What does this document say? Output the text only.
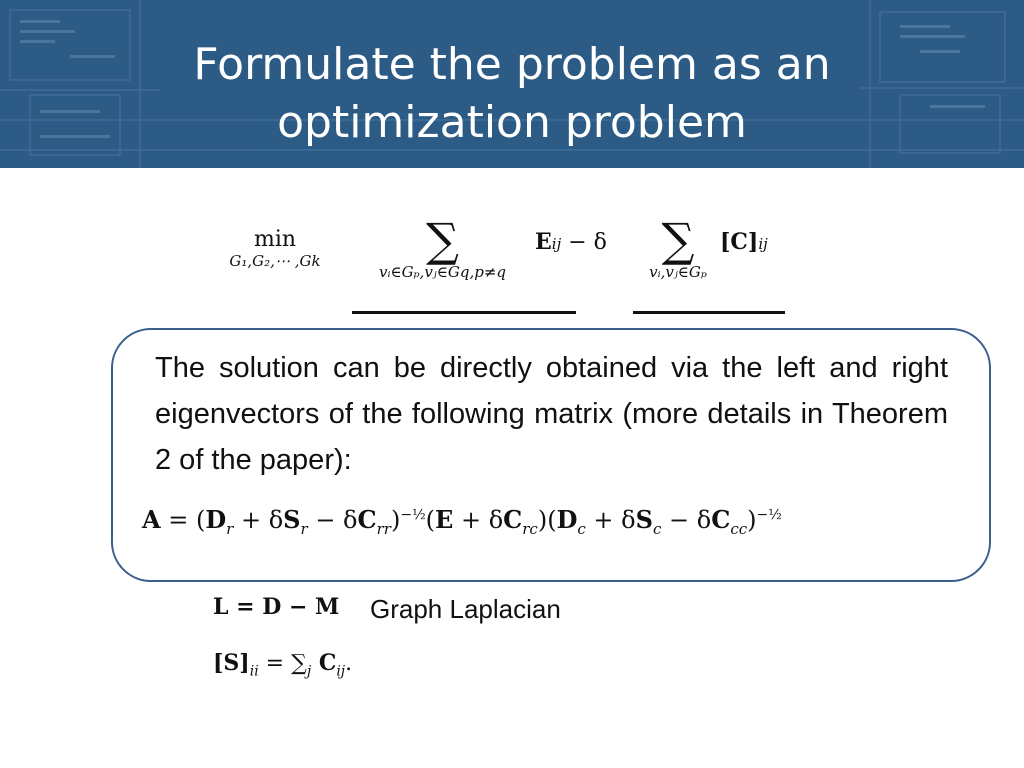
Formulate the problem as an
optimization problem
min
G₁,G₂,⋯ ,Gk	∑
vᵢ∈Gₚ,vⱼ∈Gq,p≠q
Eij − δ	∑
vᵢ,vⱼ∈Gₚ
[C]ij
The solution can be directly obtained via the left and right eigenvectors of the following matrix (more details in Theorem 2 of the paper):
$A = (D_r + \delta S_r - \delta C_{rr})^{-\frac{1}{2}}(E + \delta C_{rc})(D_c + \delta S_c - \delta C_{cc})^{-\frac{1}{2}}$
L = D − M Graph Laplacian
$[S]_{ii} = \sum_j$ $C_{ij}$.
